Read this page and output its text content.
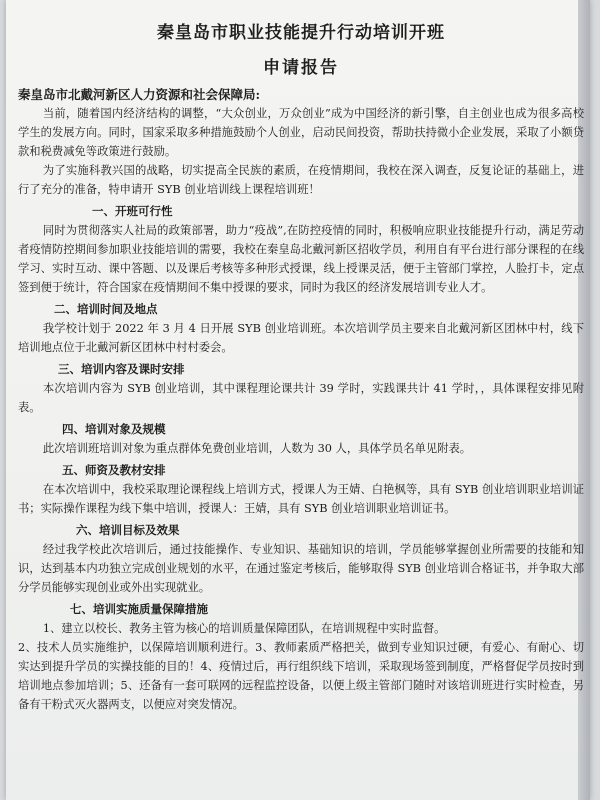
秦皇岛市职业技能提升行动培训开班
申请报告
秦皇岛市北戴河新区人力资源和社会保障局:

当前，随着国内经济结构的调整，“大众创业，万众创业”成为中国经济的新引擎，自主创业也成为很多高校学生的发展方向。同时，国家采取多种措施鼓励个人创业，启动民间投资，帮助扶持微小企业发展，采取了小额贷款和税费减免等政策进行鼓励。

为了实施科教兴国的战略，切实提高全民族的素质，在疫情期间，我校在深入调查，反复论证的基础上，进行了充分的准备，特申请开 SYB 创业培训线上课程培训班！

一、开班可行性

同时为贯彻落实人社局的政策部署，助力“疫战”,在防控疫情的同时，积极响应职业技能提升行动，满足劳动者疫情防控期间参加职业技能培训的需要，我校在秦皇岛北戴河新区招收学员，利用自有平台进行部分课程的在线学习、实时互动、课中答题、以及课后考核等多种形式授课，线上授课灵活，便于主管部门掌控，人脸打卡，定点签到便于统计，符合国家在疫情期间不集中授课的要求，同时为我区的经济发展培训专业人才。

二、培训时间及地点

我学校计划于 2022 年 3 月 4 日开展 SYB 创业培训班。本次培训学员主要来自北戴河新区团林中村，线下培训地点位于北戴河新区团林中村村委会。

三、培训内容及课时安排

本次培训内容为 SYB 创业培训，其中课程理论课共计 39 学时，实践课共计 41 学时，，具体课程安排见附表。

四、培训对象及规模

此次培训班培训对象为重点群体免费创业培训，人数为 30 人，具体学员名单见附表。

五、师资及教材安排

在本次培训中，我校采取理论课程线上培训方式，授课人为王婧、白艳枫等，具有 SYB 创业培训职业培训证书；实际操作课程为线下集中培训，授课人：王婧，具有 SYB 创业培训职业培训证书。

六、培训目标及效果

经过我学校此次培训后，通过技能操作、专业知识、基础知识的培训，学员能够掌握创业所需要的技能和知识，达到基本内功独立完成创业规划的水平，在通过鉴定考核后，能够取得 SYB 创业培训合格证书，并争取大部分学员能够实现创业或外出实现就业。

七、培训实施质量保障措施

1、建立以校长、教务主管为核心的培训质量保障团队，在培训规程中实时监督。

2、技术人员实施维护，以保障培训顺利进行。3、教师素质严格把关，做到专业知识过硬，有爱心、有耐心、切实达到提升学员的实操技能的目的！4、疫情过后，再行组织线下培训，采取现场签到制度，严格督促学员按时到培训地点参加培训；5、还备有一套可联网的远程监控设备，以便上级主管部门随时对该培训班进行实时检查，另备有干粉式灭火器两支，以便应对突发情况。
